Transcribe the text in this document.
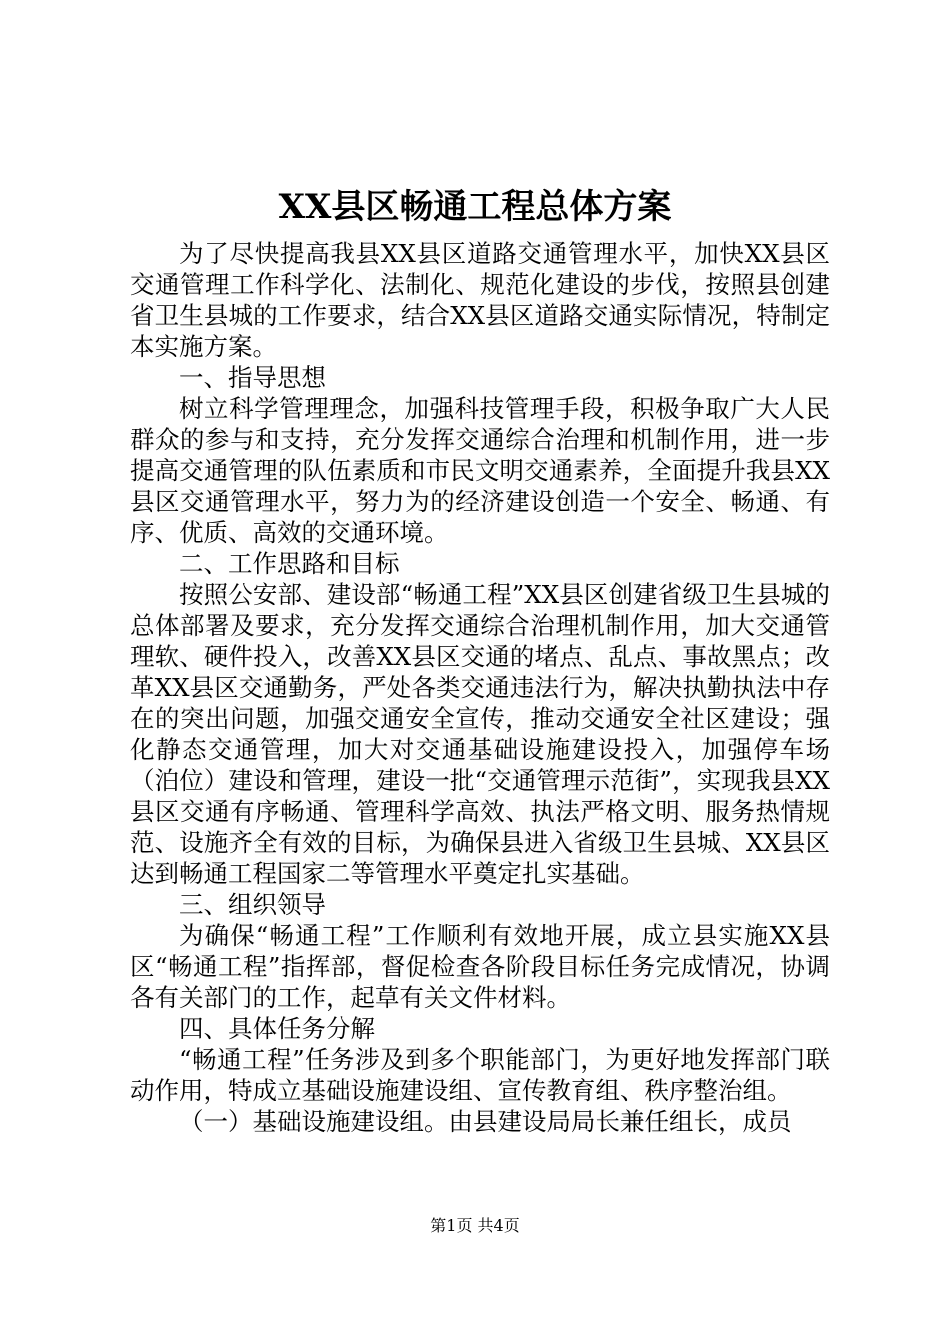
XX县区畅通工程总体方案

为了尽快提高我县XX县区道路交通管理水平，加快XX县区交通管理工作科学化、法制化、规范化建设的步伐，按照县创建省卫生县城的工作要求，结合XX县区道路交通实际情况，特制定本实施方案。

一、指导思想

树立科学管理理念，加强科技管理手段，积极争取广大人民群众的参与和支持，充分发挥交通综合治理和机制作用，进一步提高交通管理的队伍素质和市民文明交通素养，全面提升我县XX县区交通管理水平，努力为的经济建设创造一个安全、畅通、有序、优质、高效的交通环境。

二、工作思路和目标

按照公安部、建设部“畅通工程”XX县区创建省级卫生县城的总体部署及要求，充分发挥交通综合治理机制作用，加大交通管理软、硬件投入，改善XX县区交通的堵点、乱点、事故黑点；改革XX县区交通勤务，严处各类交通违法行为，解决执勤执法中存在的突出问题，加强交通安全宣传，推动交通安全社区建设；强化静态交通管理，加大对交通基础设施建设投入，加强停车场（泊位）建设和管理，建设一批“交通管理示范街”，实现我县XX县区交通有序畅通、管理科学高效、执法严格文明、服务热情规范、设施齐全有效的目标，为确保县进入省级卫生县城、XX县区达到畅通工程国家二等管理水平奠定扎实基础。

三、组织领导

为确保“畅通工程”工作顺利有效地开展，成立县实施XX县区“畅通工程”指挥部，督促检查各阶段目标任务完成情况，协调各有关部门的工作，起草有关文件材料。

四、具体任务分解

“畅通工程”任务涉及到多个职能部门，为更好地发挥部门联动作用，特成立基础设施建设组、宣传教育组、秩序整治组。

（一）基础设施建设组。由县建设局局长兼任组长，成员

第1页 共4页
